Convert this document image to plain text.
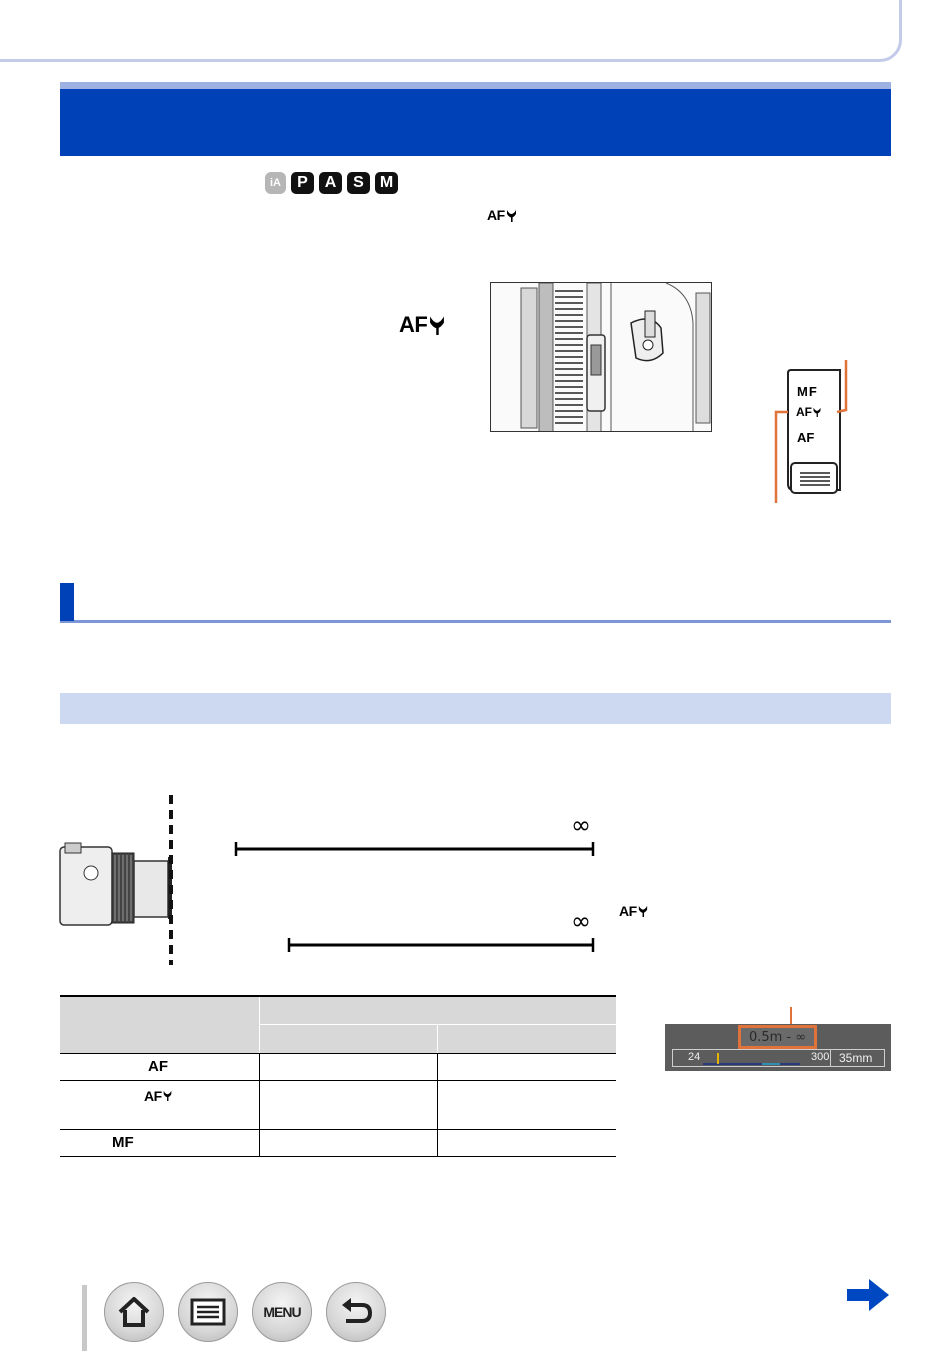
iA	P	A	S	M
AF
AF
MF
AF
AF
∞
∞ AF

AF		
AF		
MF		
0.5m - ∞
24	300 35mm
MENU
